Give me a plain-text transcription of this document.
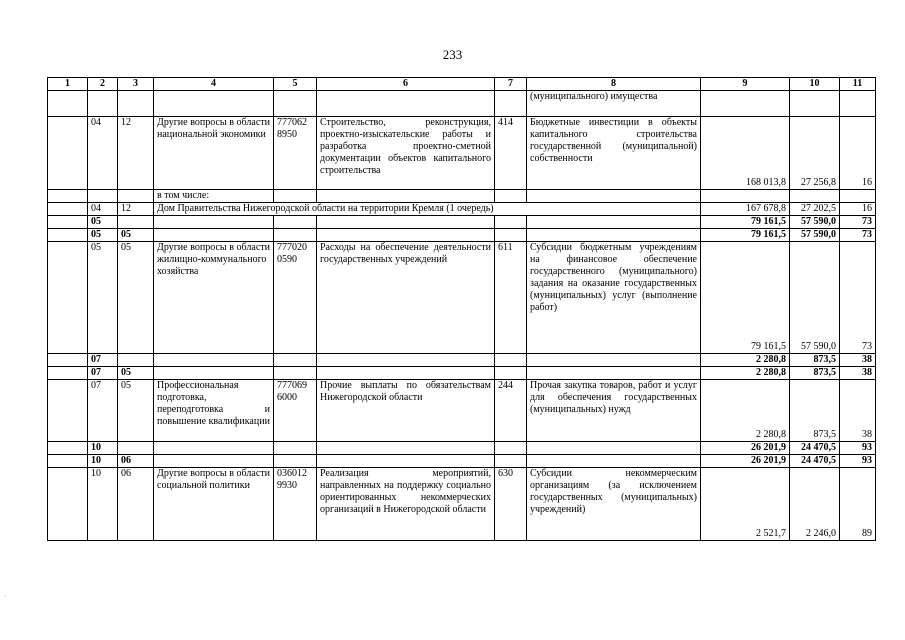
233
1	2	3	4	5	6	7	8	9	10	11
							(муниципального) имущества			
	04	12	Другие вопросы в области национальной экономики	777062 8950	Строительство, реконструкция, проектно-изыскательские работы и разработка проектно-сметной документации объектов капитального строительства	414	Бюджетные инвестиции в объекты капитального строительства государственной (муниципальной) собственности	168 013,8	27 256,8	16
			в том числе:							
	04	12	Дом Правительства Нижегородской области на территории Кремля (1 очередь)					167 678,8	27 202,5	16
	05							79 161,5	57 590,0	73
	05	05						79 161,5	57 590,0	73
	05	05	Другие вопросы в области жилищно-коммунального хозяйства	777020 0590	Расходы на обеспечение деятельности государственных учреждений	611	Субсидии бюджетным учреждениям на финансовое обеспечение государственного (муниципального) задания на оказание государственных (муниципальных) услуг (выполнение работ)	79 161,5	57 590,0	73
	07							2 280,8	873,5	38
	07	05						2 280,8	873,5	38
	07	05	Профессиональная подготовка, переподготовка и повышение квалификации	777069 6000	Прочие выплаты по обязательствам Нижегородской области	244	Прочая закупка товаров, работ и услуг для обеспечения государственных (муниципальных) нужд	2 280,8	873,5	38
	10							26 201,9	24 470,5	93
	10	06						26 201,9	24 470,5	93
	10	06	Другие вопросы в области социальной политики	036012 9930	Реализация мероприятий, направленных на поддержку социально ориентированных некоммерческих организаций в Нижегородской области	630	Субсидии некоммерческим организациям (за исключением государственных (муниципальных) учреждений)	2 521,7	2 246,0	89
·
